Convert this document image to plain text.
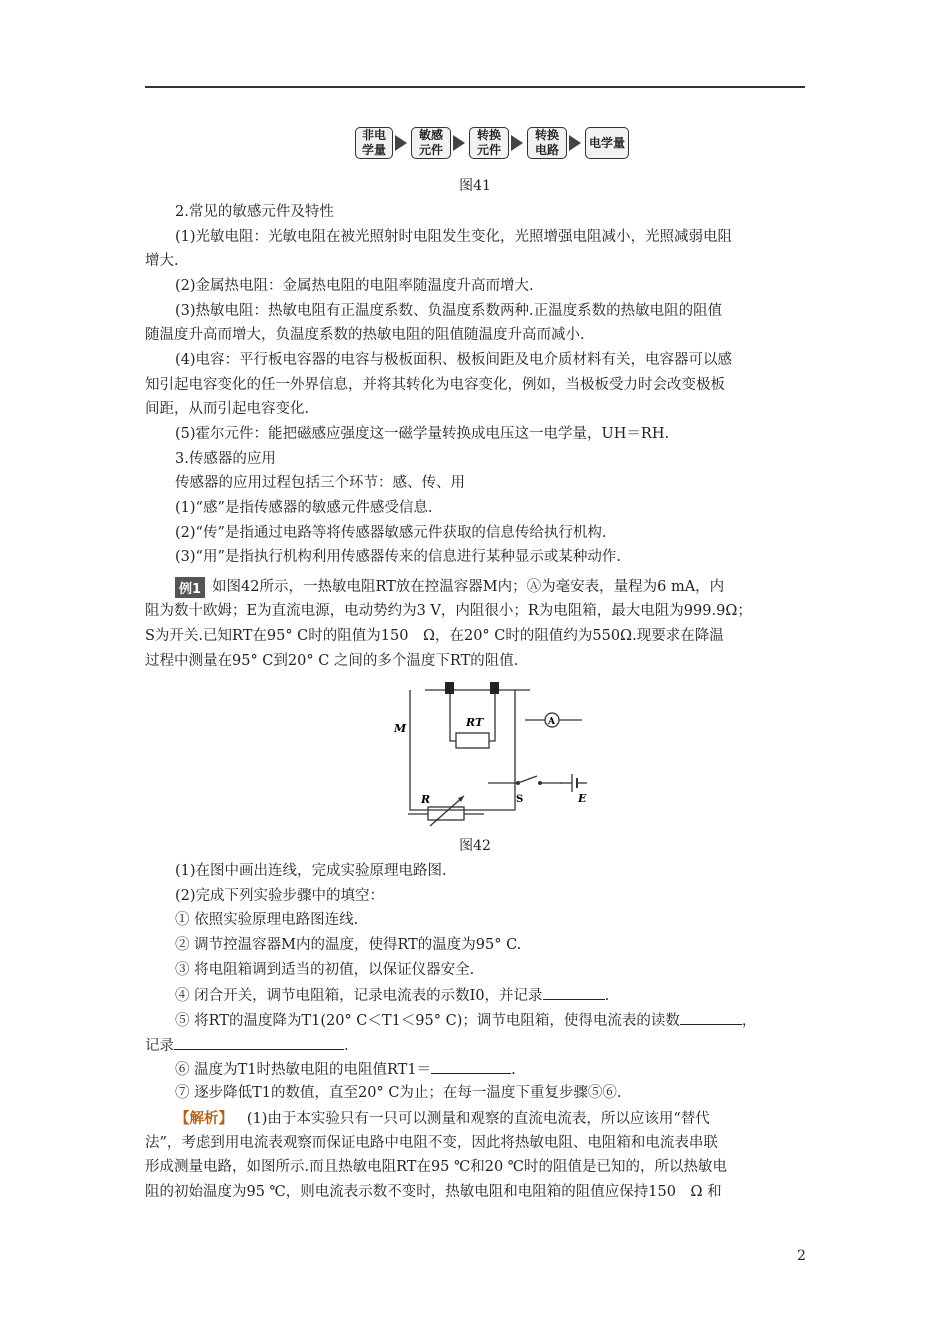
非电
学量
敏感
元件
转换
元件
转换
电路
电学量
图41
2.常见的敏感元件及特性
(1)光敏电阻：光敏电阻在被光照射时电阻发生变化，光照增强电阻减小，光照减弱电阻
增大.
(2)金属热电阻：金属热电阻的电阻率随温度升高而增大.
(3)热敏电阻：热敏电阻有正温度系数、负温度系数两种.正温度系数的热敏电阻的阻值
随温度升高而增大，负温度系数的热敏电阻的阻值随温度升高而减小.
(4)电容：平行板电容器的电容与极板面积、极板间距及电介质材料有关，电容器可以感
知引起电容变化的任一外界信息，并将其转化为电容变化，例如，当极板受力时会改变极板
间距，从而引起电容变化.
(5)霍尔元件：能把磁感应强度这一磁学量转换成电压这一电学量，UH＝RH.
3.传感器的应用
传感器的应用过程包括三个环节：感、传、用
(1)“感”是指传感器的敏感元件感受信息.
(2)“传”是指通过电路等将传感器敏感元件获取的信息传给执行机构.
(3)“用”是指执行机构利用传感器传来的信息进行某种显示或某种动作.
例1 如图42所示，一热敏电阻RT放在控温容器M内；Ⓐ为毫安表，量程为6 mA，内
阻为数十欧姆；E为直流电源，电动势约为3 V，内阻很小；R为电阻箱，最大电阻为999.9Ω；
S为开关.已知RT在95° C时的阻值为150　Ω，在20° C时的阻值约为550Ω.现要求在降温
过程中测量在95° C到20° C 之间的多个温度下RT的阻值.
RT
M	A
S	E
R
图42
(1)在图中画出连线，完成实验原理电路图.
(2)完成下列实验步骤中的填空：
① 依照实验原理电路图连线.
② 调节控温容器M内的温度，使得RT的温度为95° C.
③ 将电阻箱调到适当的初值，以保证仪器安全.
④ 闭合开关，调节电阻箱，记录电流表的示数I0，并记录	.
⑤ 将RT的温度降为T1(20° C＜T1＜95° C)；调节电阻箱，使得电流表的读数	，
记录	.
⑥ 温度为T1时热敏电阻的电阻值RT1＝	.
⑦ 逐步降低T1的数值，直至20° C为止；在每一温度下重复步骤⑤⑥.
【解析】 (1)由于本实验只有一只可以测量和观察的直流电流表，所以应该用“替代
法”，考虑到用电流表观察而保证电路中电阻不变，因此将热敏电阻、电阻箱和电流表串联
形成测量电路，如图所示.而且热敏电阻RT在95 ℃和20 ℃时的阻值是已知的，所以热敏电
阻的初始温度为95 ℃，则电流表示数不变时，热敏电阻和电阻箱的阻值应保持150　Ω 和
2
